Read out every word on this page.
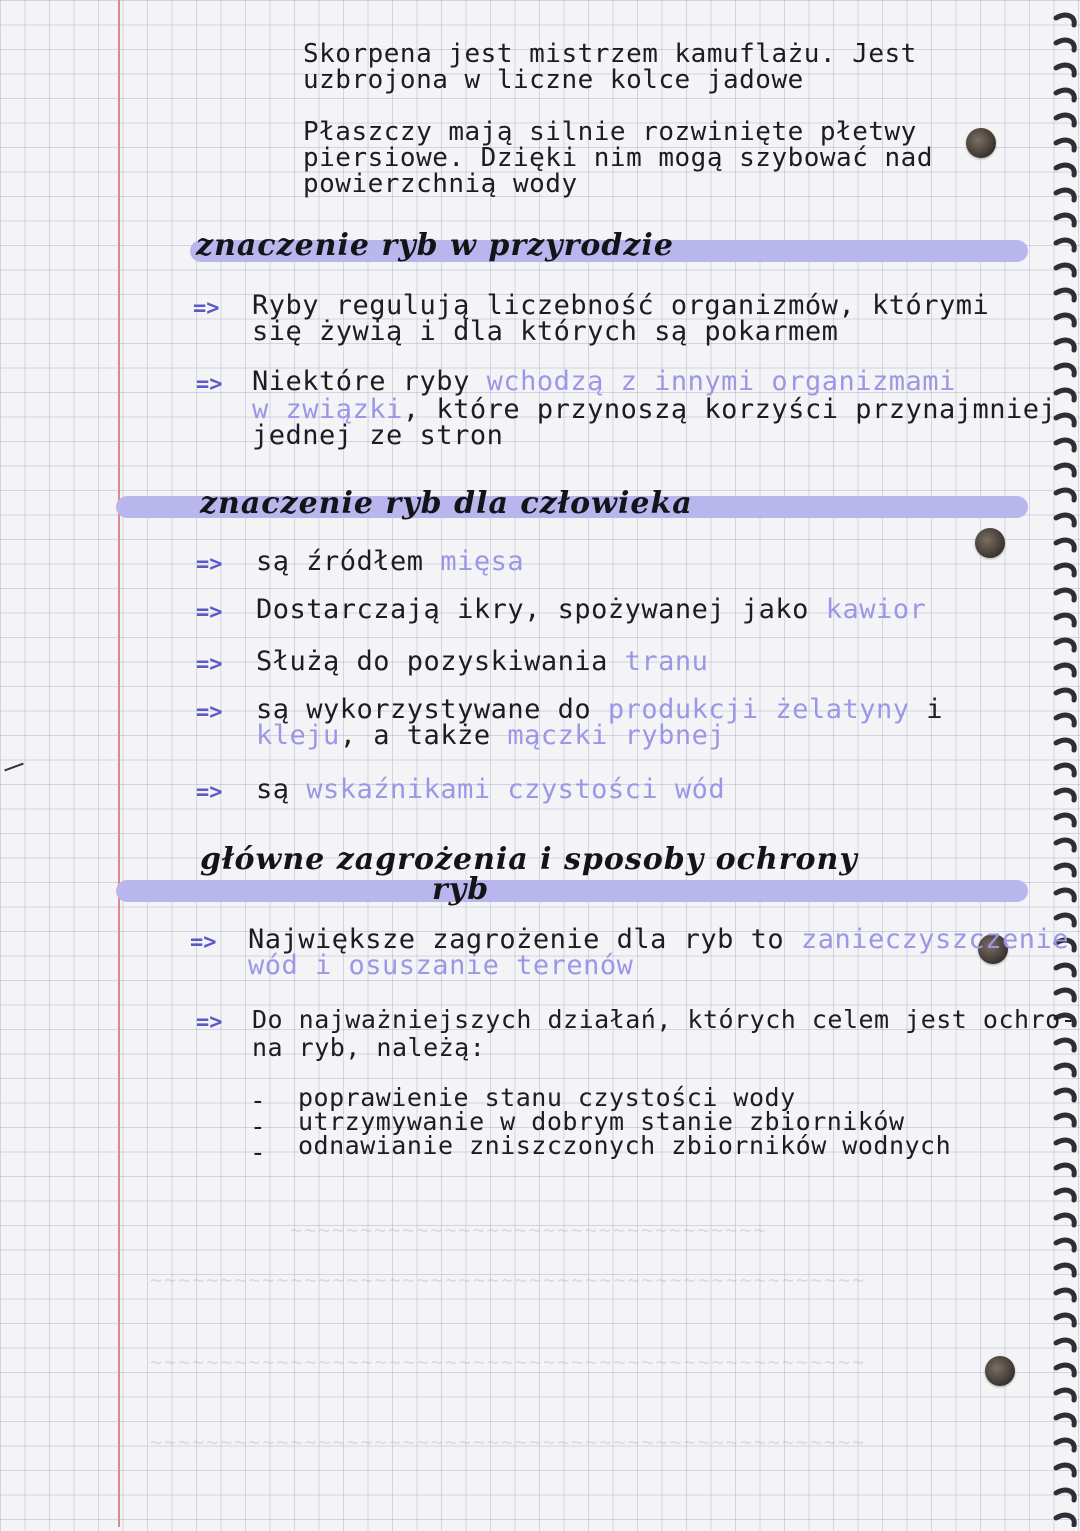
~~~~~~~~~~~~~~~~~~~~~~~~~~~~~~~~~~
~~~~~~~~~~~~~~~~~~~~~~~~~~~~~~~~~~~~~~~~~~~~~~~~~~~
~~~~~~~~~~~~~~~~~~~~~~~~~~~~~~~~~~~~~~~~~~~~~~~~~~~
~~~~~~~~~~~~~~~~~~~~~~~~~~~~~~~~~~~~~~~~~~~~~~~~~~~
Skorpena jest mistrzem kamuflażu. Jest
uzbrojona w liczne kolce jadowe
Płaszczy mają silnie rozwinięte płetwy
piersiowe. Dzięki nim mogą szybować nad
powierzchnią wody
znaczenie ryb w przyrodzie
=> Ryby regulują liczebność organizmów, którymi
się żywią i dla których są pokarmem
=> Niektóre ryby wchodzą z innymi organizmami
w związki, które przynoszą korzyści przynajmniej
jednej ze stron
znaczenie ryb dla człowieka
=> są źródłem mięsa
=> Dostarczają ikry, spożywanej jako kawior
=> Służą do pozyskiwania tranu
=> są wykorzystywane do produkcji żelatyny i
kleju, a także mączki rybnej
=> są wskaźnikami czystości wód
główne zagrożenia i sposoby ochrony
ryb
=> Największe zagrożenie dla ryb to zanieczyszczenie
wód i osuszanie terenów
=> Do najważniejszych działań, których celem jest ochro-
na ryb, należą:
- poprawienie stanu czystości wody
- utrzymywanie w dobrym stanie zbiorników
- odnawianie zniszczonych zbiorników wodnych
